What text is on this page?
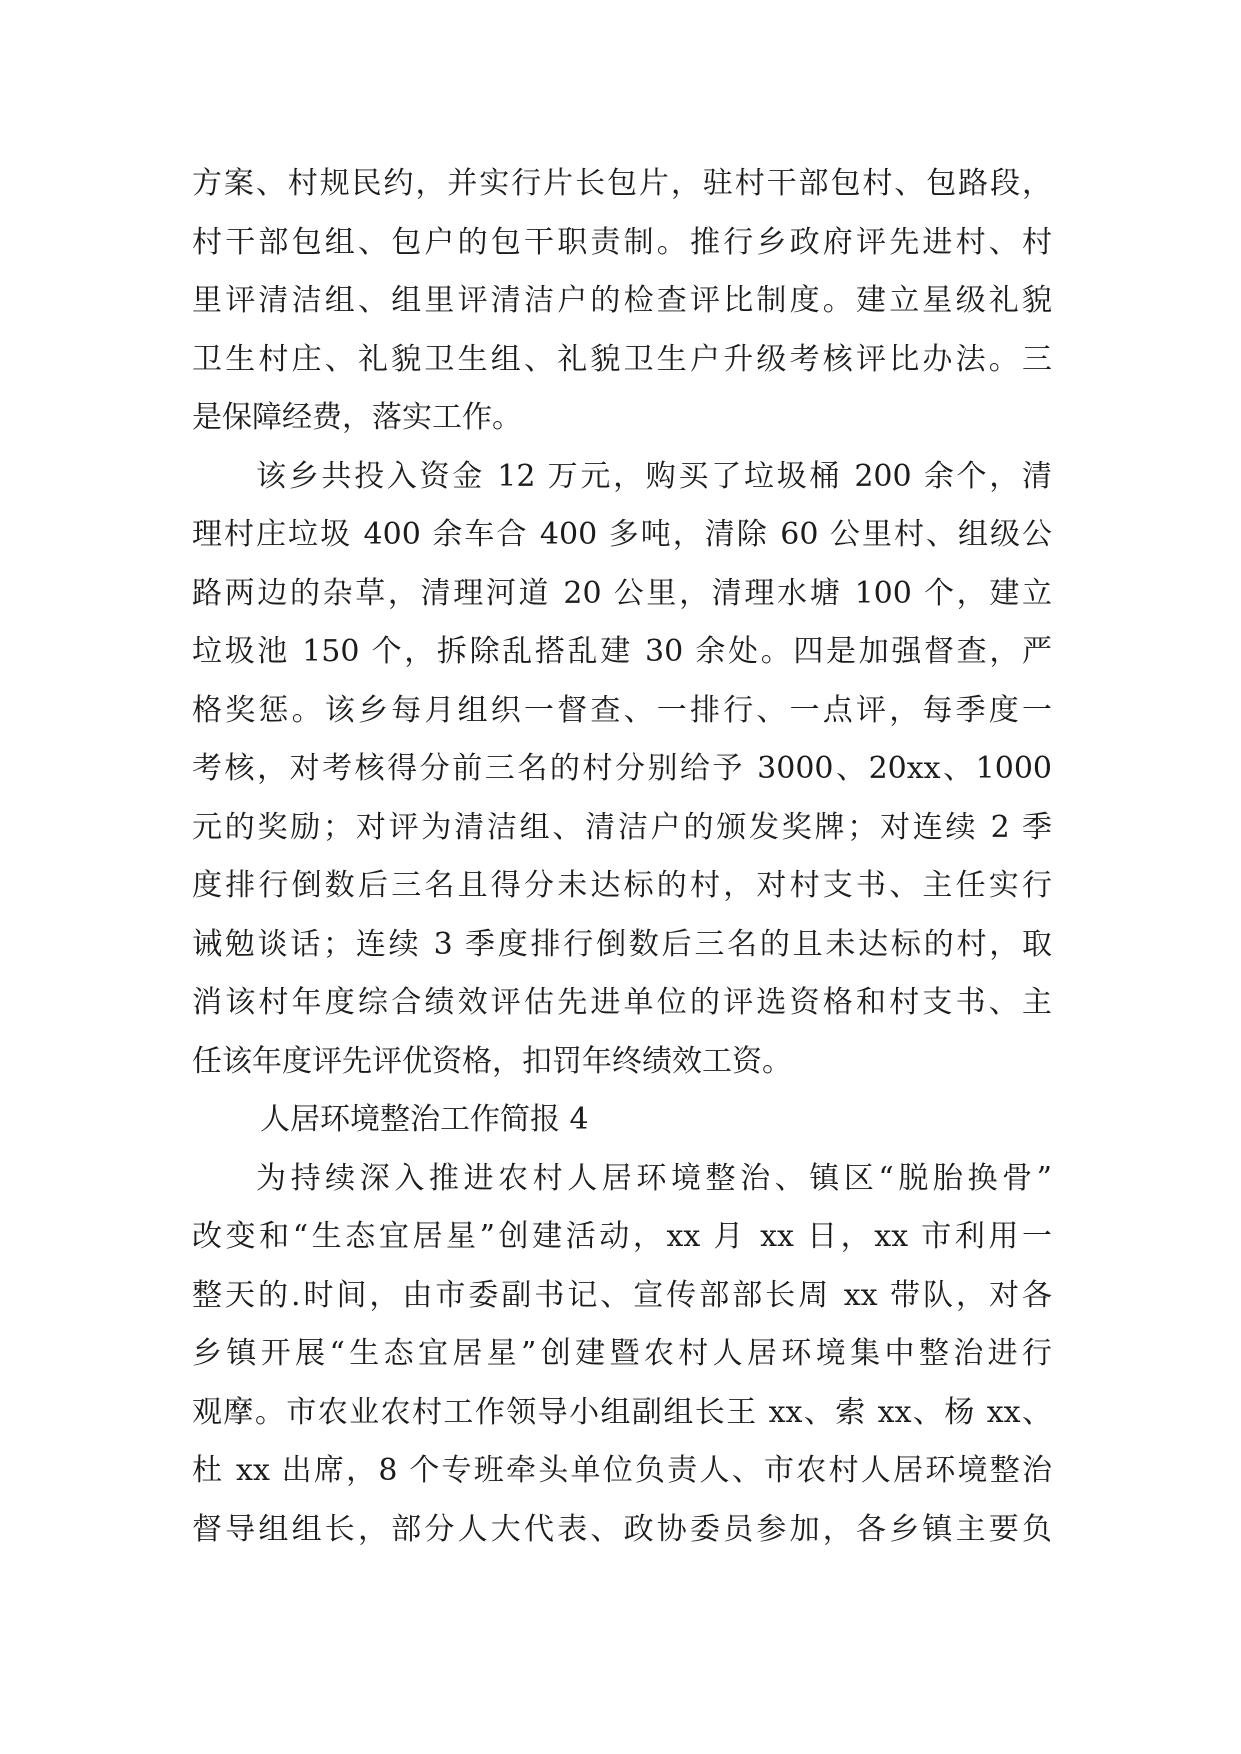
方案、村规民约，并实行片长包片，驻村干部包村、包路段，
村干部包组、包户的包干职责制。推行乡政府评先进村、村
里评清洁组、组里评清洁户的检查评比制度。建立星级礼貌
卫生村庄、礼貌卫生组、礼貌卫生户升级考核评比办法。三
是保障经费，落实工作。
该乡共投入资金 12 万元，购买了垃圾桶 200 余个，清
理村庄垃圾 400 余车合 400 多吨，清除 60 公里村、组级公
路两边的杂草，清理河道 20 公里，清理水塘 100 个，建立
垃圾池 150 个，拆除乱搭乱建 30 余处。四是加强督查，严
格奖惩。该乡每月组织一督查、一排行、一点评，每季度一
考核，对考核得分前三名的村分别给予 3000、20xx、1000
元的奖励；对评为清洁组、清洁户的颁发奖牌；对连续 2 季
度排行倒数后三名且得分未达标的村，对村支书、主任实行
诫勉谈话；连续 3 季度排行倒数后三名的且未达标的村，取
消该村年度综合绩效评估先进单位的评选资格和村支书、主
任该年度评先评优资格，扣罚年终绩效工资。
人居环境整治工作简报 4
为持续深入推进农村人居环境整治、镇区“脱胎换骨”
改变和“生态宜居星”创建活动，xx 月 xx 日，xx 市利用一
整天的.时间，由市委副书记、宣传部部长周 xx 带队，对各
乡镇开展“生态宜居星”创建暨农村人居环境集中整治进行
观摩。市农业农村工作领导小组副组长王 xx、索 xx、杨 xx、
杜 xx 出席，8 个专班牵头单位负责人、市农村人居环境整治
督导组组长，部分人大代表、政协委员参加，各乡镇主要负
